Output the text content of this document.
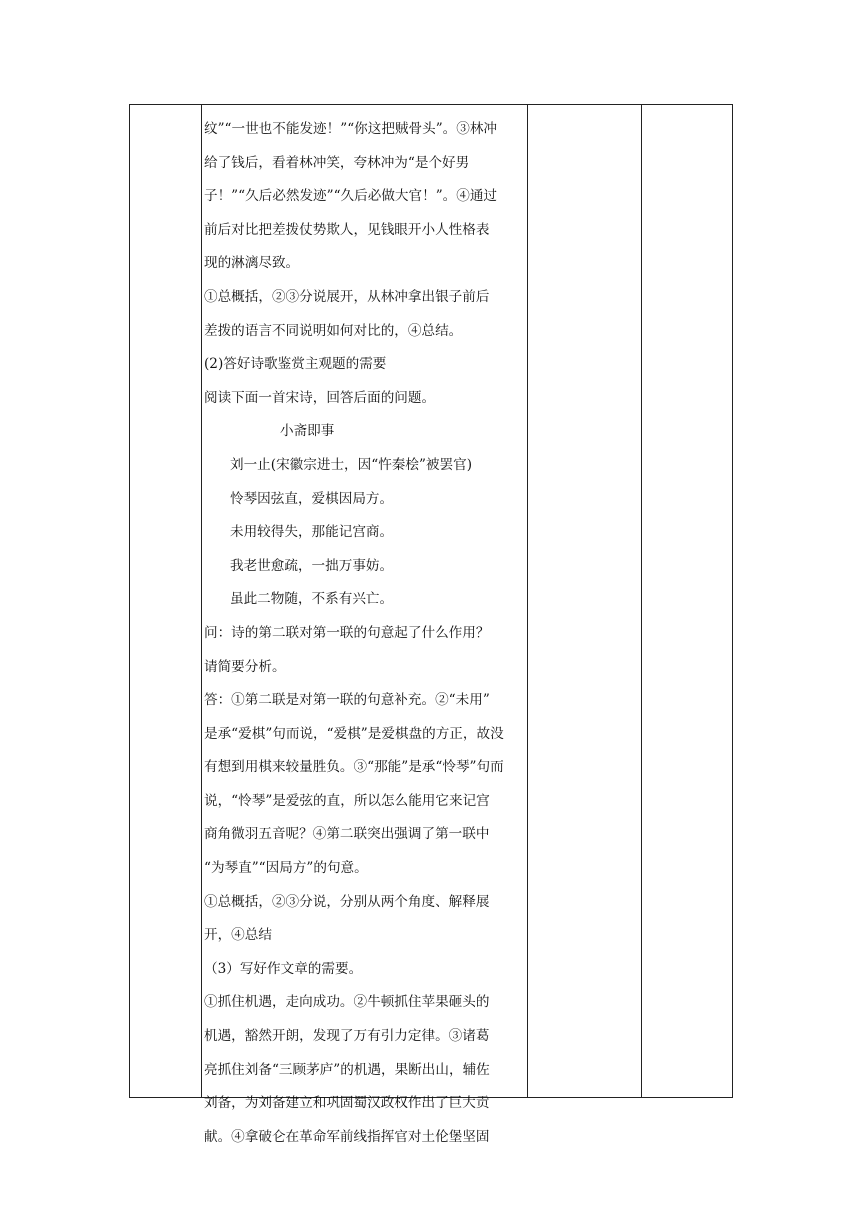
纹”“一世也不能发迹！”“你这把贼骨头”。③林冲
给了钱后，看着林冲笑，夸林冲为“是个好男
子！”“久后必然发迹”“久后必做大官！”。④通过
前后对比把差拨仗势欺人，见钱眼开小人性格表
现的淋漓尽致。
①总概括，②③分说展开，从林冲拿出银子前后
差拨的语言不同说明如何对比的，④总结。
(2)答好诗歌鉴赏主观题的需要
阅读下面一首宋诗，回答后面的问题。
小斋即事
刘一止(宋徽宗进士，因“忤秦桧”被罢官)
怜琴因弦直，爱棋因局方。
未用较得失，那能记宫商。
我老世愈疏，一拙万事妨。
虽此二物随，不系有兴亡。
问：诗的第二联对第一联的句意起了什么作用？
请简要分析。
答：①第二联是对第一联的句意补充。②“未用”
是承“爱棋”句而说，“爱棋”是爱棋盘的方正，故没
有想到用棋来较量胜负。③“那能”是承“怜琴”句而
说，“怜琴”是爱弦的直，所以怎么能用它来记宫
商角微羽五音呢？④第二联突出强调了第一联中
“为琴直”“因局方”的句意。
①总概括，②③分说，分别从两个角度、解释展
开，④总结
（3）写好作文章的需要。
①抓住机遇，走向成功。②牛顿抓住苹果砸头的
机遇，豁然开朗，发现了万有引力定律。③诸葛
亮抓住刘备“三顾茅庐”的机遇，果断出山，辅佐
刘备，为刘备建立和巩固蜀汉政权作出了巨大贡
献。④拿破仑在革命军前线指挥官对土伦堡坚固
